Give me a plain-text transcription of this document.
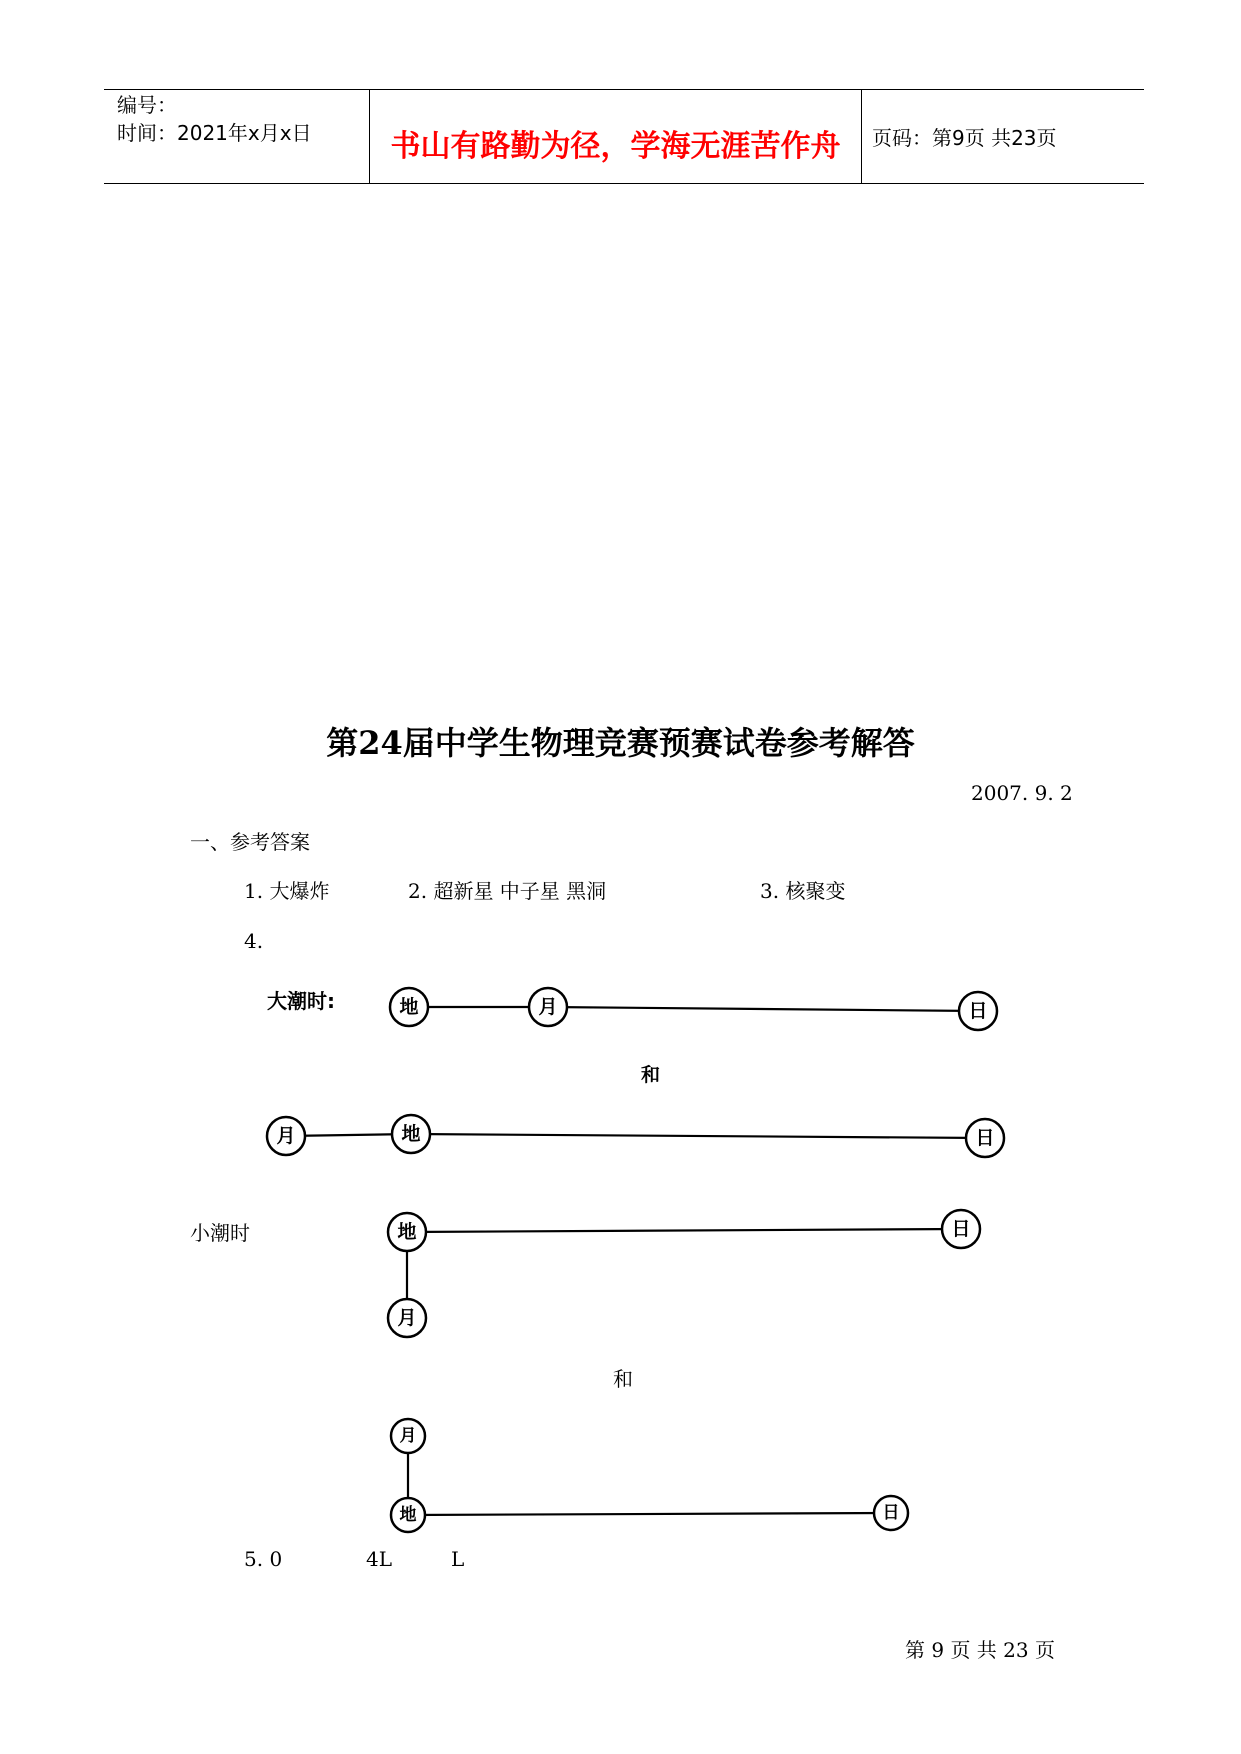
编号：
时间：2021年x月x日	书山有路勤为径，学海无涯苦作舟	页码：第9页 共23页
第24届中学生物理竞赛预赛试卷参考解答
2007. 9. 2
一、参考答案
1. 大爆炸	2. 超新星 中子星 黑洞	3. 核聚变
4.
大潮时:
和
小潮时
和
地	月	日
月	地	日
地	日
月
月
地	日
5. 0	4L	L
第 9 页 共 23 页
